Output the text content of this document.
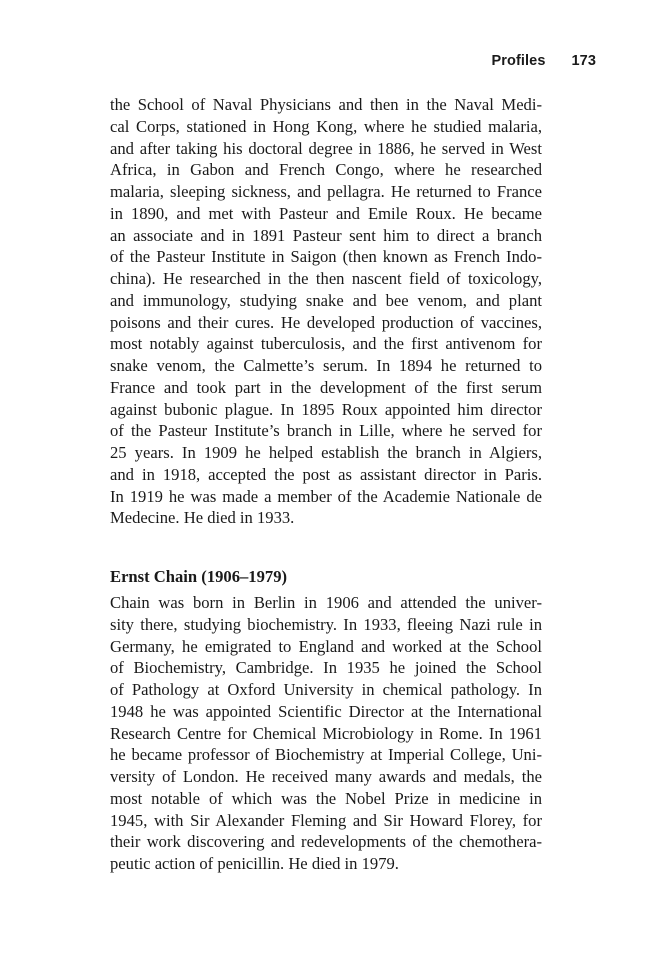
Profiles 173
the School of Naval Physicians and then in the Naval Medi-
cal Corps, stationed in Hong Kong, where he studied malaria,
and after taking his doctoral degree in 1886, he served in West
Africa, in Gabon and French Congo, where he researched
malaria, sleeping sickness, and pellagra. He returned to France
in 1890, and met with Pasteur and Emile Roux. He became
an associate and in 1891 Pasteur sent him to direct a branch
of the Pasteur Institute in Saigon (then known as French Indo-
china). He researched in the then nascent field of toxicology,
and immunology, studying snake and bee venom, and plant
poisons and their cures. He developed production of vaccines,
most notably against tuberculosis, and the first antivenom for
snake venom, the Calmette’s serum. In 1894 he returned to
France and took part in the development of the first serum
against bubonic plague. In 1895 Roux appointed him director
of the Pasteur Institute’s branch in Lille, where he served for
25 years. In 1909 he helped establish the branch in Algiers,
and in 1918, accepted the post as assistant director in Paris.
In 1919 he was made a member of the Academie Nationale de
Medecine. He died in 1933.
Ernst Chain (1906–1979)
Chain was born in Berlin in 1906 and attended the univer-
sity there, studying biochemistry. In 1933, fleeing Nazi rule in
Germany, he emigrated to England and worked at the School
of Biochemistry, Cambridge. In 1935 he joined the School
of Pathology at Oxford University in chemical pathology. In
1948 he was appointed Scientific Director at the International
Research Centre for Chemical Microbiology in Rome. In 1961
he became professor of Biochemistry at Imperial College, Uni-
versity of London. He received many awards and medals, the
most notable of which was the Nobel Prize in medicine in
1945, with Sir Alexander Fleming and Sir Howard Florey, for
their work discovering and redevelopments of the chemothera-
peutic action of penicillin. He died in 1979.
